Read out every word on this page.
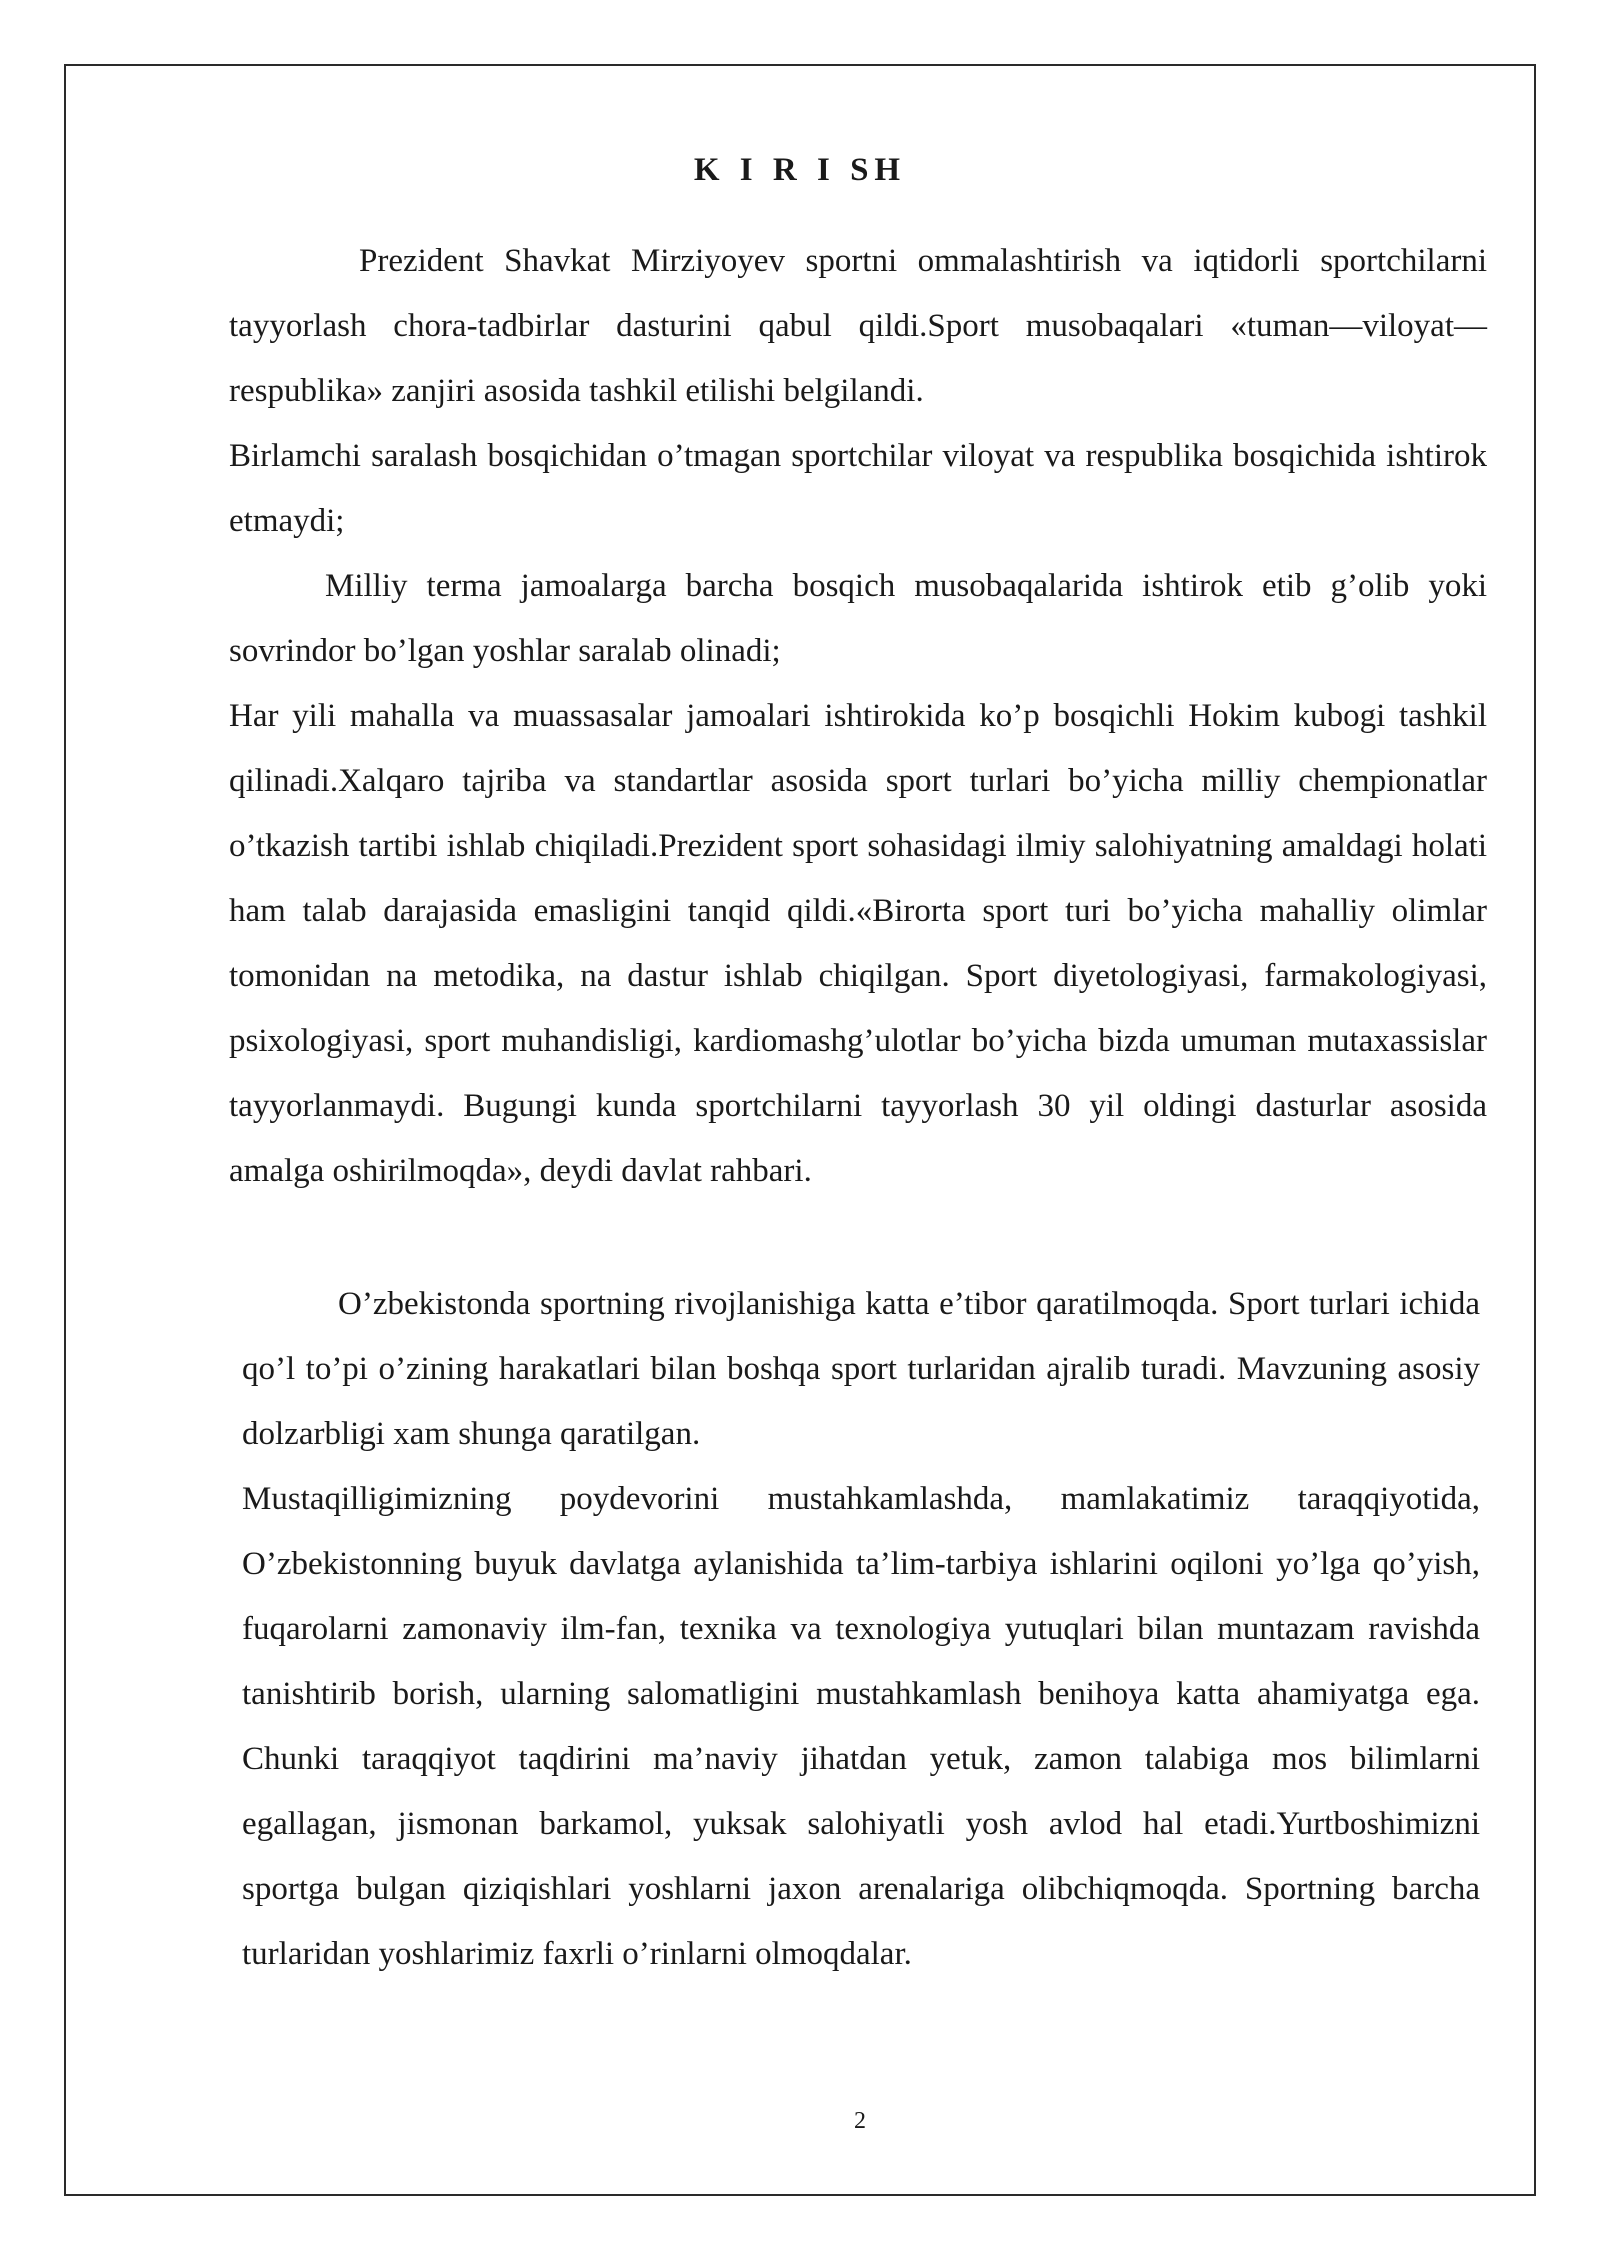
K I R I SH

Prezident Shavkat Mirziyoyev sportni ommalashtirish va iqtidorli sportchilarni tayyorlash chora-tadbirlar dasturini qabul qildi.Sport musobaqalari «tuman—viloyat—respublika» zanjiri asosida tashkil etilishi belgilandi.

Birlamchi saralash bosqichidan o’tmagan sportchilar viloyat va respublika bosqichida ishtirok etmaydi;

Milliy terma jamoalarga barcha bosqich musobaqalarida ishtirok etib g’olib yoki sovrindor bo’lgan yoshlar saralab olinadi;

Har yili mahalla va muassasalar jamoalari ishtirokida ko’p bosqichli Hokim kubogi tashkil qilinadi.Xalqaro tajriba va standartlar asosida sport turlari bo’yicha milliy chempionatlar o’tkazish tartibi ishlab chiqiladi.Prezident sport sohasidagi ilmiy salohiyatning amaldagi holati ham talab darajasida emasligini tanqid qildi.«Birorta sport turi bo’yicha mahalliy olimlar tomonidan na metodika, na dastur ishlab chiqilgan. Sport diyetologiyasi, farmakologiyasi, psixologiyasi, sport muhandisligi, kardiomashg’ulotlar bo’yicha bizda umuman mutaxassislar tayyorlanmaydi. Bugungi kunda sportchilarni tayyorlash 30 yil oldingi dasturlar asosida amalga oshirilmoqda», deydi davlat rahbari.

O’zbekistonda sportning rivojlanishiga katta e’tibor qaratilmoqda. Sport turlari ichida qo’l to’pi o’zining harakatlari bilan boshqa sport turlaridan ajralib turadi. Mavzuning asosiy dolzarbligi xam shunga qaratilgan.

Mustaqilligimizning poydevorini mustahkamlashda, mamlakatimiz taraqqiyotida, O’zbekistonning buyuk davlatga aylanishida ta’lim-tarbiya ishlarini oqiloni yo’lga qo’yish, fuqarolarni zamonaviy ilm-fan, texnika va texnologiya yutuqlari bilan muntazam ravishda tanishtirib borish, ularning salomatligini mustahkamlash benihoya katta ahamiyatga ega. Chunki taraqqiyot taqdirini ma’naviy jihatdan yetuk, zamon talabiga mos bilimlarni egallagan, jismonan barkamol, yuksak salohiyatli yosh avlod hal etadi.Yurtboshimizni sportga bulgan qiziqishlari yoshlarni jaxon arenalariga olibchiqmoqda. Sportning barcha turlaridan yoshlarimiz faxrli o’rinlarni olmoqdalar.

2
